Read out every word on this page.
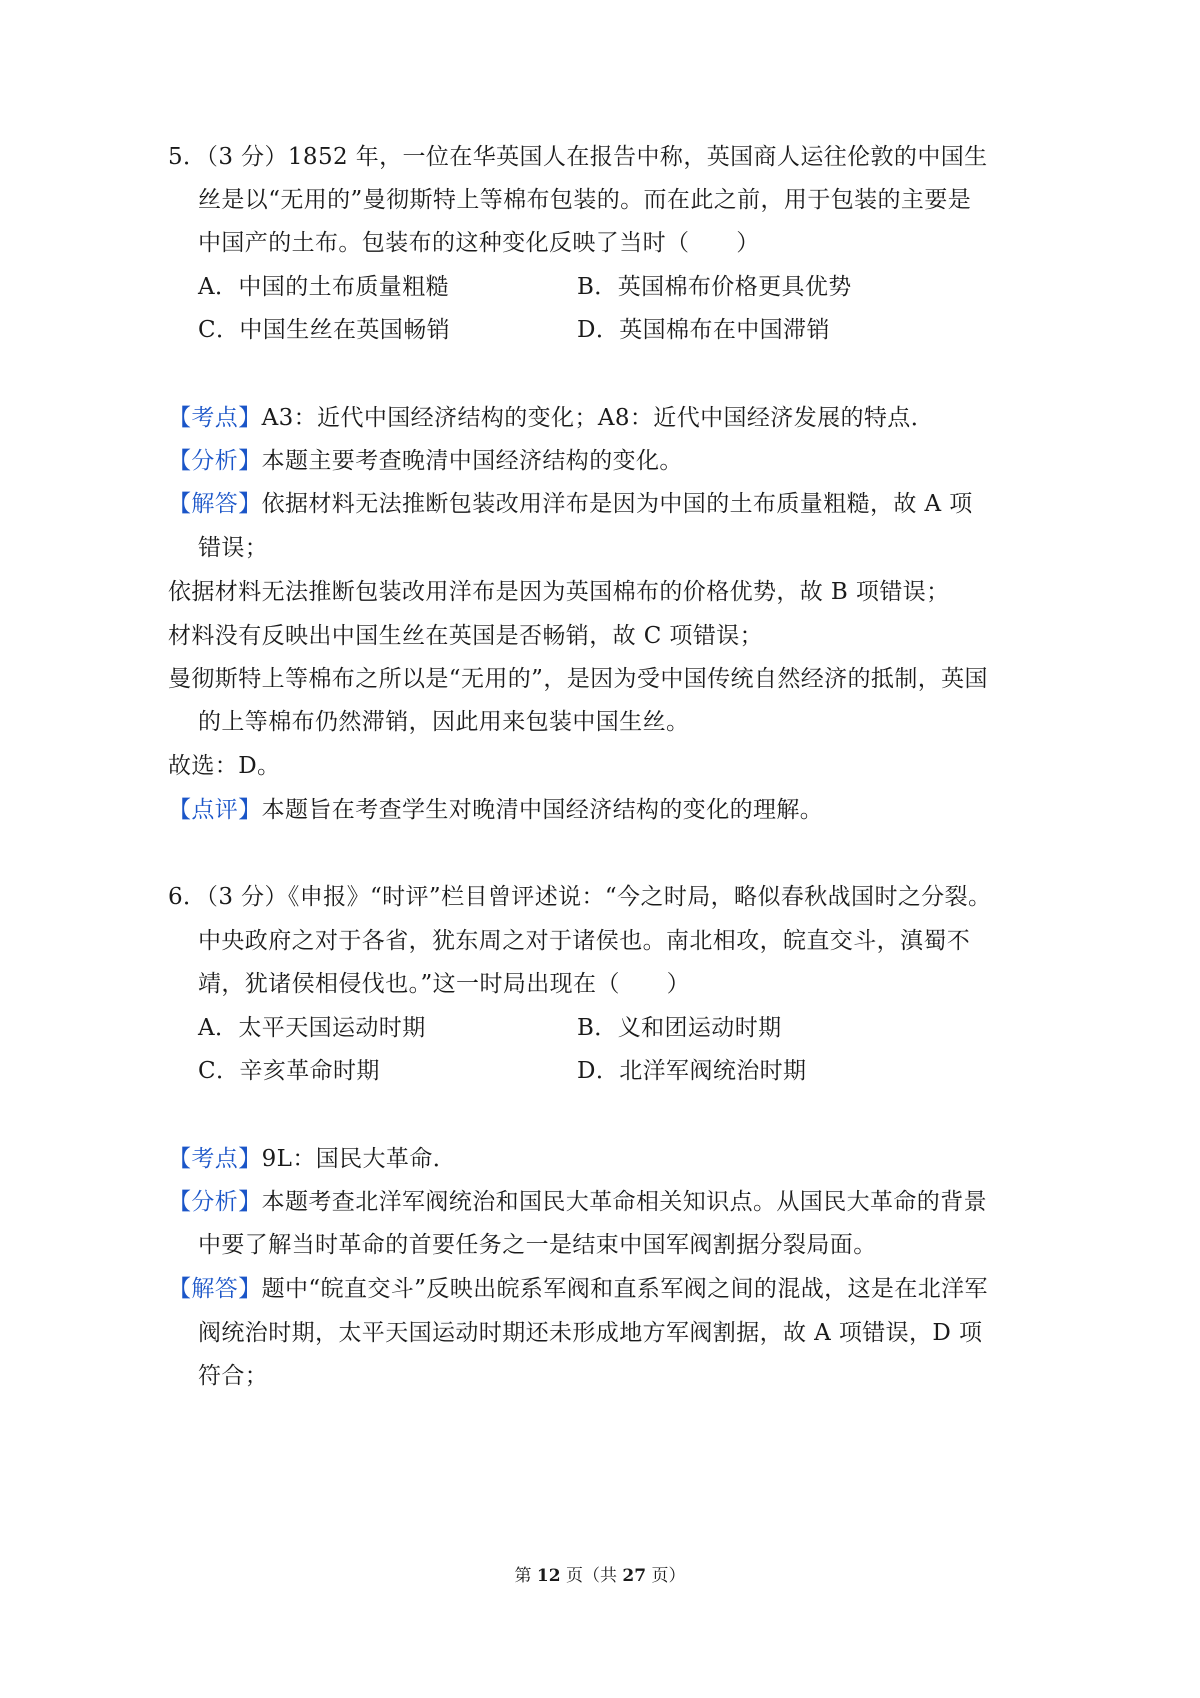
5．（3 分）1852 年，一位在华英国人在报告中称，英国商人运往伦敦的中国生
丝是以“无用的”曼彻斯特上等棉布包装的。而在此之前，用于包装的主要是
中国产的土布。包装布的这种变化反映了当时（　　）
A．中国的土布质量粗糙	B．英国棉布价格更具优势
C．中国生丝在英国畅销	D．英国棉布在中国滞销
【考点】A3：近代中国经济结构的变化；A8：近代中国经济发展的特点．
【分析】本题主要考查晚清中国经济结构的变化。
【解答】依据材料无法推断包装改用洋布是因为中国的土布质量粗糙，故 A 项
错误；
依据材料无法推断包装改用洋布是因为英国棉布的价格优势，故 B 项错误；
材料没有反映出中国生丝在英国是否畅销，故 C 项错误；
曼彻斯特上等棉布之所以是“无用的”，是因为受中国传统自然经济的抵制，英国
的上等棉布仍然滞销，因此用来包装中国生丝。
故选：D。
【点评】本题旨在考查学生对晚清中国经济结构的变化的理解。
6．（3 分）《申报》“时评”栏目曾评述说：“今之时局，略似春秋战国时之分裂。
中央政府之对于各省，犹东周之对于诸侯也。南北相攻，皖直交斗，滇蜀不
靖，犹诸侯相侵伐也。”这一时局出现在（　　）
A．太平天国运动时期	B．义和团运动时期
C．辛亥革命时期	D．北洋军阀统治时期
【考点】9L：国民大革命．
【分析】本题考查北洋军阀统治和国民大革命相关知识点。从国民大革命的背景
中要了解当时革命的首要任务之一是结束中国军阀割据分裂局面。
【解答】题中“皖直交斗”反映出皖系军阀和直系军阀之间的混战，这是在北洋军
阀统治时期，太平天国运动时期还未形成地方军阀割据，故 A 项错误，D 项
符合；
第 12 页（共 27 页）
